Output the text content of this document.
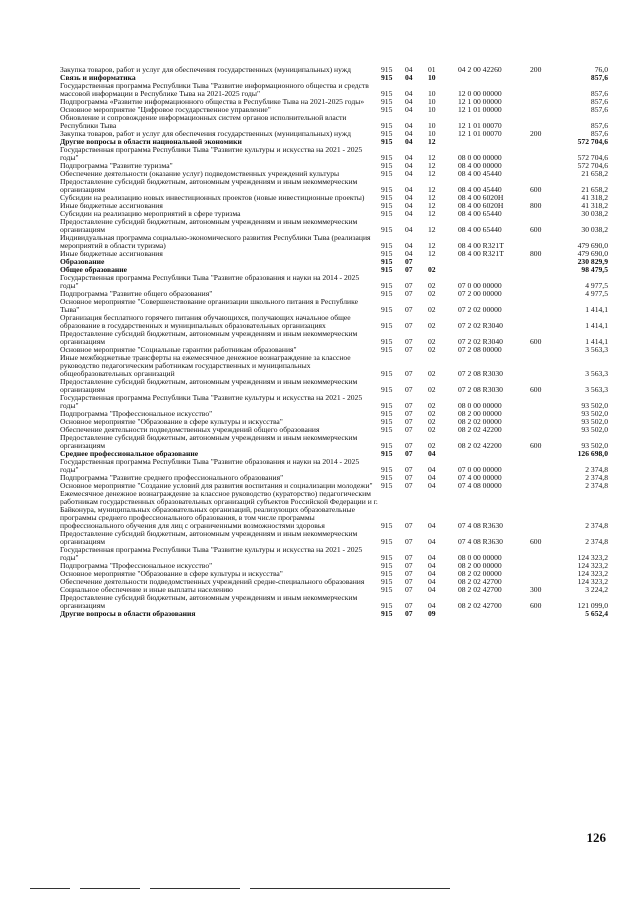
Закупка товаров, работ и услуг для обеспечения государственных (муниципальных) нужд	915 04 01	04 2 00 42260	200	76,0
Связь и информатика	915 04 10	857,6
Государственная программа Республики Тыва "Развитие информационного общества и средств массовой информации в Республике Тыва на 2021-2025 годы"	915 04 10	12 0 00 00000	857,6
Подпрограмма «Развитие информационного общества в Республике Тыва на 2021-2025 годы»	915 04 10	12 1 00 00000	857,6
Основное мероприятие "Цифровое государственное управление"	915 04 10	12 1 01 00000	857,6
Обновление и сопровождение информационных систем органов исполнительной власти Республики Тыва	915 04 10	12 1 01 00070	857,6
Закупка товаров, работ и услуг для обеспечения государственных (муниципальных) нужд	915 04 10	12 1 01 00070	200	857,6
Другие вопросы в области национальной экономики	915 04 12	572 704,6
Государственная программа Республики Тыва "Развитие культуры и искусства на 2021 - 2025 годы"	915 04 12	08 0 00 00000	572 704,6
Подпрограмма "Развитие туризма"	915 04 12	08 4 00 00000	572 704,6
Обеспечение деятельности (оказание услуг) подведомственных учреждений культуры	915 04 12	08 4 00 45440	21 658,2
Предоставление субсидий бюджетным, автономным учреждениям и иным некоммерческим организациям	915 04 12	08 4 00 45440	600	21 658,2
Субсидии на реализацию новых инвестиционных проектов (новые инвестиционные проекты)	915 04 12	08 4 00 6020H	41 318,2
Иные бюджетные ассигнования	915 04 12	08 4 00 6020H	800	41 318,2
Субсидии на реализацию мероприятий в сфере туризма	915 04 12	08 4 00 65440	30 038,2
Предоставление субсидий бюджетным, автономным учреждениям и иным некоммерческим организациям	915 04 12	08 4 00 65440	600	30 038,2
Индивидуальная программа социально-экономического развития Республики Тыва (реализация мероприятий в области туризма)	915 04 12	08 4 00 R321T	479 690,0
Иные бюджетные ассигнования	915 04 12	08 4 00 R321T	800	479 690,0
Образование	915 07	230 829,9
Общее образование	915 07 02	98 479,5
Государственная программа Республики Тыва "Развитие образования и науки на 2014 - 2025 годы"	915 07 02	07 0 00 00000	4 977,5
Подпрограмма "Развитие общего образования"	915 07 02	07 2 00 00000	4 977,5
Основное мероприятие "Совершенствование организации школьного питания в Республике Тыва"	915 07 02	07 2 02 00000	1 414,1
Организация бесплатного горячего питания обучающихся, получающих начальное общее образование в государственных и муниципальных образовательных организациях	915 07 02	07 2 02 R3040	1 414,1
Предоставление субсидий бюджетным, автономным учреждениям и иным некоммерческим организациям	915 07 02	07 2 02 R3040	600	1 414,1
Основное мероприятие "Социальные гарантии работникам образования"	915 07 02	07 2 08 00000	3 563,3
Иные межбюджетные трансферты на ежемесячное денежное вознаграждение за классное руководство педагогическим работникам государственных и муниципальных общеобразовательных организаций	915 07 02	07 2 08 R3030	3 563,3
Предоставление субсидий бюджетным, автономным учреждениям и иным некоммерческим организациям	915 07 02	07 2 08 R3030	600	3 563,3
Государственная программа Республики Тыва "Развитие культуры и искусства на 2021 - 2025 годы"	915 07 02	08 0 00 00000	93 502,0
Подпрограмма "Профессиональное искусство"	915 07 02	08 2 00 00000	93 502,0
Основное мероприятие "Образование в сфере культуры и искусства"	915 07 02	08 2 02 00000	93 502,0
Обеспечение деятельности подведомственных учреждений общего образования	915 07 02	08 2 02 42200	93 502,0
Предоставление субсидий бюджетным, автономным учреждениям и иным некоммерческим организациям	915 07 02	08 2 02 42200	600	93 502,0
Среднее профессиональное образование	915 07 04	126 698,0
Государственная программа Республики Тыва "Развитие образования и науки на 2014 - 2025 годы"	915 07 04	07 0 00 00000	2 374,8
Подпрограмма "Развитие среднего профессионального образования"	915 07 04	07 4 00 00000	2 374,8
Основное мероприятие "Создание условий для развития воспитания и социализации молодежи"	915 07 04	07 4 08 00000	2 374,8
Ежемесячное денежное вознаграждение за классное руководство (кураторство) педагогическим работникам государственных образовательных организаций субъектов Российской Федерации и г. Байконура, муниципальных образовательных организаций, реализующих образовательные программы среднего профессионального образования, в том числе программы профессионального обучения для лиц с ограниченными возможностями здоровья	915 07 04	07 4 08 R3630	2 374,8
Предоставление субсидий бюджетным, автономным учреждениям и иным некоммерческим организациям	915 07 04	07 4 08 R3630	600	2 374,8
Государственная программа Республики Тыва "Развитие культуры и искусства на 2021 - 2025 годы"	915 07 04	08 0 00 00000	124 323,2
Подпрограмма "Профессиональное искусство"	915 07 04	08 2 00 00000	124 323,2
Основное мероприятие "Образование в сфере культуры и искусства"	915 07 04	08 2 02 00000	124 323,2
Обеспечение деятельности подведомственных учреждений средне-специального образования	915 07 04	08 2 02 42700	124 323,2
Социальное обеспечение и иные выплаты населению	915 07 04	08 2 02 42700	300	3 224,2
Предоставление субсидий бюджетным, автономным учреждениям и иным некоммерческим организациям	915 07 04	08 2 02 42700	600	121 099,0
Другие вопросы в области образования	915 07 09	5 652,4
126
